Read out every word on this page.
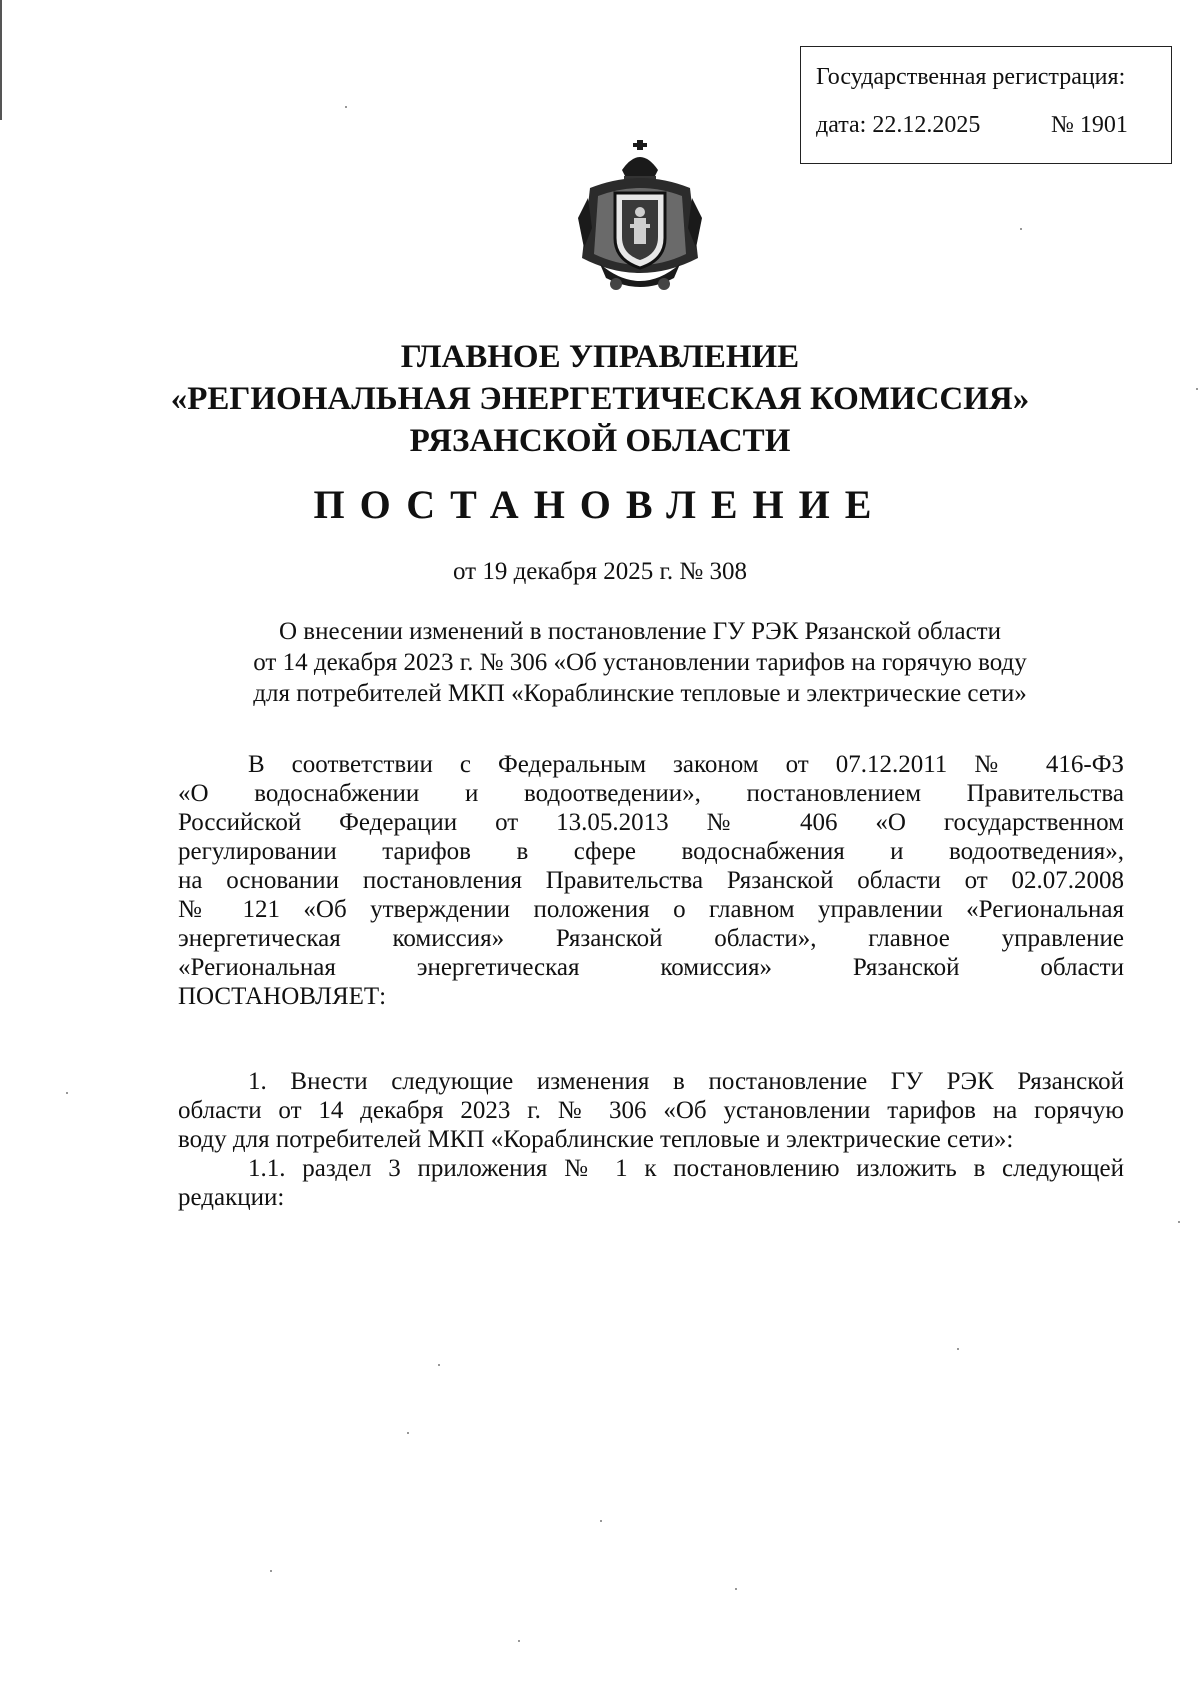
Государственная регистрация:
дата: 22.12.2025	№ 1901
ГЛАВНОЕ УПРАВЛЕНИЕ
«РЕГИОНАЛЬНАЯ ЭНЕРГЕТИЧЕСКАЯ КОМИССИЯ»
РЯЗАНСКОЙ ОБЛАСТИ
ПОСТАНОВЛЕНИЕ
от 19 декабря 2025 г. № 308
О внесении изменений в постановление ГУ РЭК Рязанской области
от 14 декабря 2023 г. № 306 «Об установлении тарифов на горячую воду
для потребителей МКП «Кораблинские тепловые и электрические сети»
В соответствии с Федеральным законом от 07.12.2011 № 416-ФЗ
«О водоснабжении и водоотведении», постановлением Правительства
Российской Федерации от 13.05.2013 № 406 «О государственном
регулировании тарифов в сфере водоснабжения и водоотведения»,
на основании постановления Правительства Рязанской области от 02.07.2008
№ 121 «Об утверждении положения о главном управлении «Региональная
энергетическая комиссия» Рязанской области», главное управление
«Региональная энергетическая комиссия» Рязанской области
ПОСТАНОВЛЯЕТ:
1. Внести следующие изменения в постановление ГУ РЭК Рязанской
области от 14 декабря 2023 г. № 306 «Об установлении тарифов на горячую
воду для потребителей МКП «Кораблинские тепловые и электрические сети»:
1.1. раздел 3 приложения № 1 к постановлению изложить в следующей
редакции:
